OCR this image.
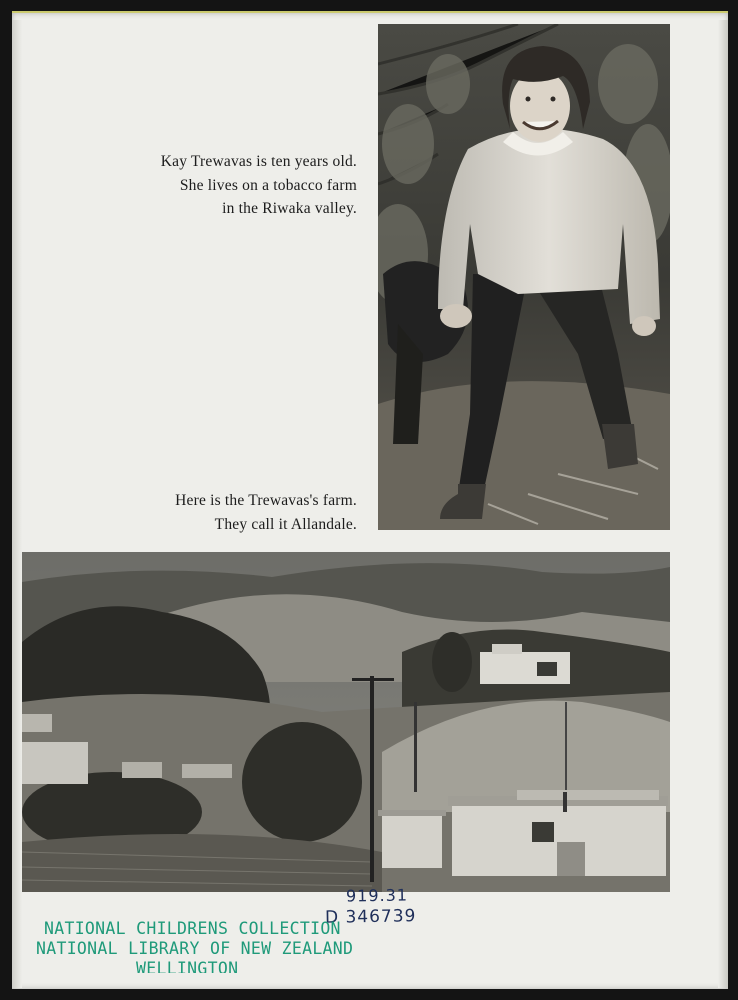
Kay Trewavas is ten years old.
She lives on a tobacco farm
in the Riwaka valley.
Here is the Trewavas's farm.
They call it Allandale.
919.31
D 346739
NATIONAL CHILDRENS COLLECTION
NATIONAL LIBRARY OF NEW ZEALAND
WELLINGTON
